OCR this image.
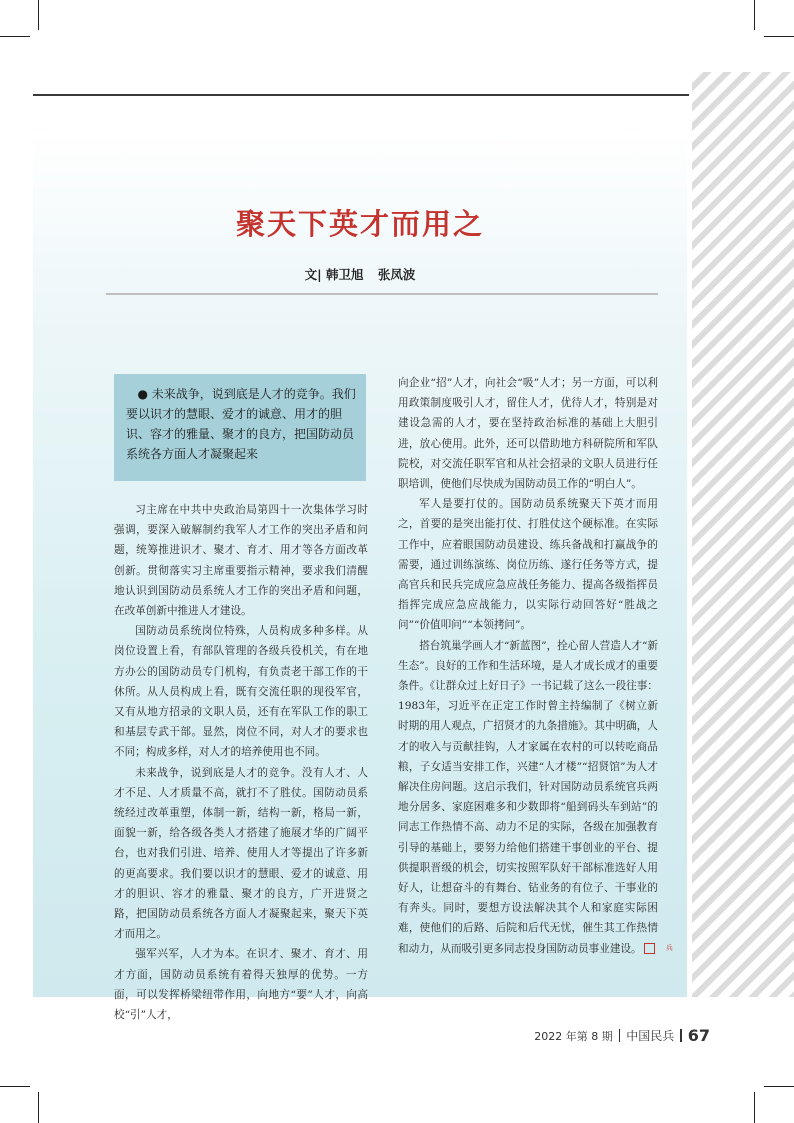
聚天下英才而用之
文| 韩卫旭 张凤波
● 未来战争，说到底是人才的竞争。我们要以识才的慧眼、爱才的诚意、用才的胆识、容才的雅量、聚才的良方，把国防动员系统各方面人才凝聚起来

习主席在中共中央政治局第四十一次集体学习时强调，要深入破解制约我军人才工作的突出矛盾和问题，统筹推进识才、聚才、育才、用才等各方面改革创新。贯彻落实习主席重要指示精神，要求我们清醒地认识到国防动员系统人才工作的突出矛盾和问题，在改革创新中推进人才建设。

国防动员系统岗位特殊，人员构成多种多样。从岗位设置上看，有部队管理的各级兵役机关，有在地方办公的国防动员专门机构，有负责老干部工作的干休所。从人员构成上看，既有交流任职的现役军官，又有从地方招录的文职人员，还有在军队工作的职工和基层专武干部。显然，岗位不同，对人才的要求也不同；构成多样，对人才的培养使用也不同。

未来战争，说到底是人才的竞争。没有人才、人才不足、人才质量不高，就打不了胜仗。国防动员系统经过改革重塑，体制一新，结构一新，格局一新，面貌一新，给各级各类人才搭建了施展才华的广阔平台，也对我们引进、培养、使用人才等提出了许多新的更高要求。我们要以识才的慧眼、爱才的诚意、用才的胆识、容才的雅量、聚才的良方，广开进贤之路，把国防动员系统各方面人才凝聚起来，聚天下英才而用之。

强军兴军，人才为本。在识才、聚才、育才、用才方面，国防动员系统有着得天独厚的优势。一方面，可以发挥桥梁纽带作用，向地方“要”人才，向高校“引”人才，

向企业“招”人才，向社会“吸”人才；另一方面，可以利用政策制度吸引人才，留住人才，优待人才，特别是对建设急需的人才，要在坚持政治标准的基础上大胆引进，放心使用。此外，还可以借助地方科研院所和军队院校，对交流任职军官和从社会招录的文职人员进行任职培训，使他们尽快成为国防动员工作的“明白人”。

军人是要打仗的。国防动员系统聚天下英才而用之，首要的是突出能打仗、打胜仗这个硬标准。在实际工作中，应着眼国防动员建设、练兵备战和打赢战争的需要，通过训练演练、岗位历练、遂行任务等方式，提高官兵和民兵完成应急应战任务能力、提高各级指挥员指挥完成应急应战能力，以实际行动回答好“胜战之问”“价值叩问”“本领拷问”。

搭台筑巢学画人才“新蓝图”，拴心留人营造人才“新生态”。良好的工作和生活环境，是人才成长成才的重要条件。《让群众过上好日子》一书记载了这么一段往事：1983年，习近平在正定工作时曾主持编制了《树立新时期的用人观点，广招贤才的九条措施》。其中明确，人才的收入与贡献挂钩，人才家属在农村的可以转吃商品粮，子女适当安排工作，兴建“人才楼”“招贤馆”为人才解决住房问题。这启示我们，针对国防动员系统官兵两地分居多、家庭困难多和少数即将“船到码头车到站”的同志工作热情不高、动力不足的实际，各级在加强教育引导的基础上，要努力给他们搭建干事创业的平台、提供提职晋级的机会，切实按照军队好干部标准选好人用好人，让想奋斗的有舞台、钻业务的有位子、干事业的有奔头。同时，要想方设法解决其个人和家庭实际困难，使他们的后路、后院和后代无忧，催生其工作热情和动力，从而吸引更多同志投身国防动员事业建设。	兵

2022 年第 8 期 中国民兵 67
